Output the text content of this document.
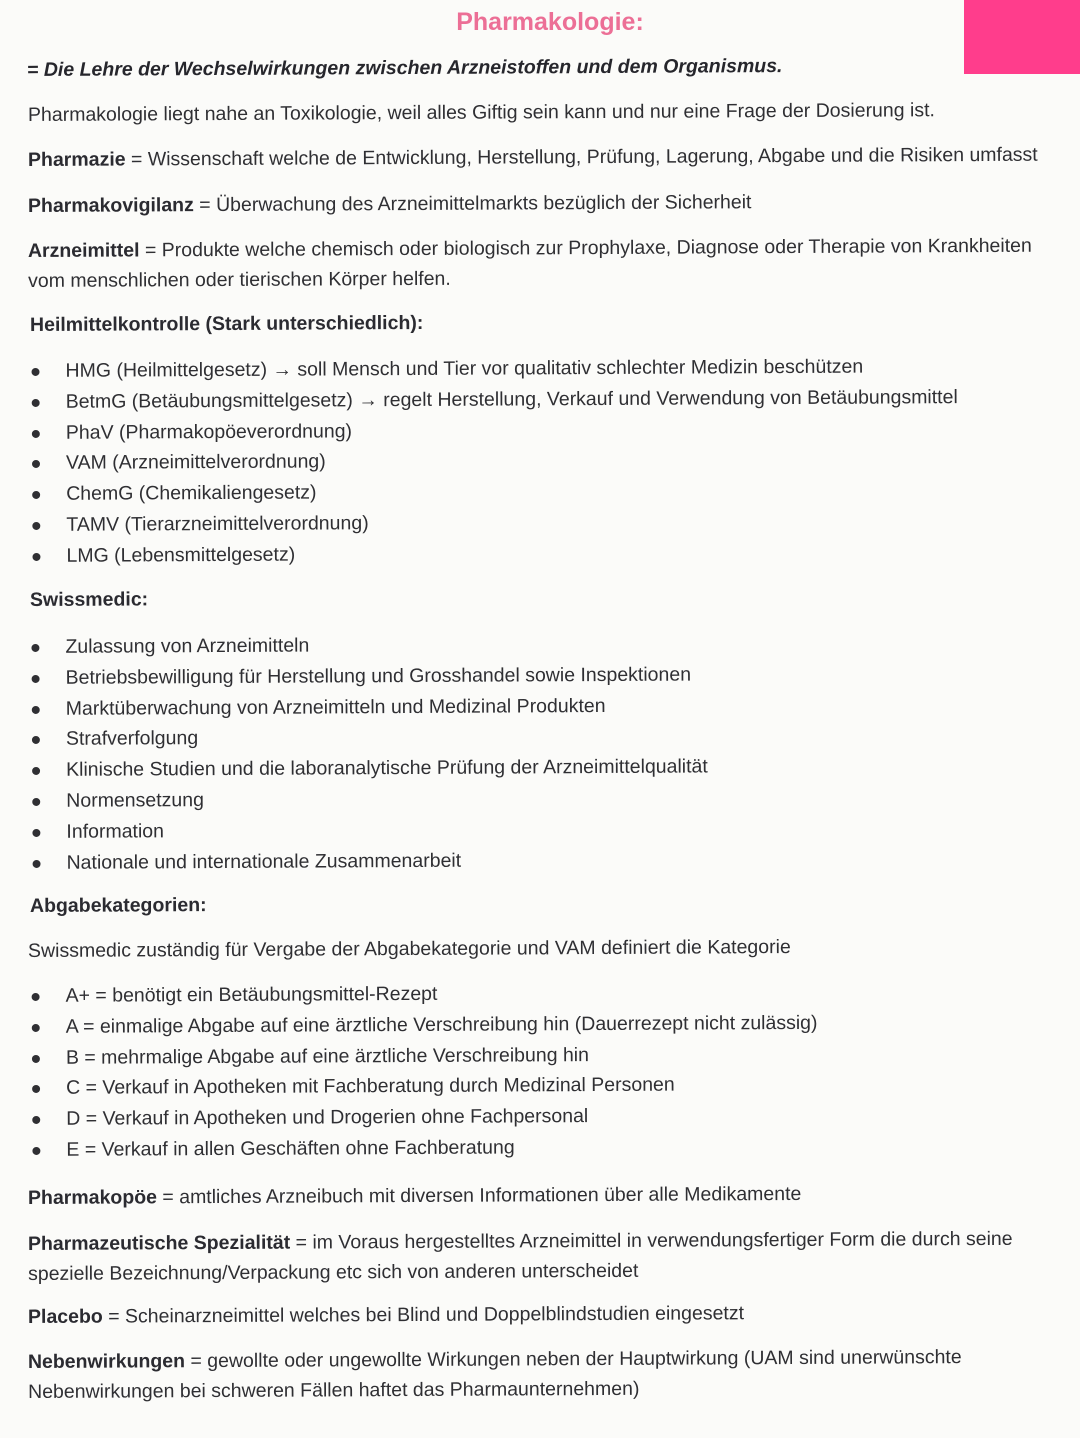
Pharmakologie:
= Die Lehre der Wechselwirkungen zwischen Arzneistoffen und dem Organismus.
Pharmakologie liegt nahe an Toxikologie, weil alles Giftig sein kann und nur eine Frage der Dosierung ist.
Pharmazie = Wissenschaft welche de Entwicklung, Herstellung, Prüfung, Lagerung, Abgabe und die Risiken umfasst
Pharmakovigilanz = Überwachung des Arzneimittelmarkts bezüglich der Sicherheit
Arzneimittel = Produkte welche chemisch oder biologisch zur Prophylaxe, Diagnose oder Therapie von Krankheiten vom menschlichen oder tierischen Körper helfen.
Heilmittelkontrolle (Stark unterschiedlich):
HMG (Heilmittelgesetz) → soll Mensch und Tier vor qualitativ schlechter Medizin beschützen
BetmG (Betäubungsmittelgesetz) → regelt Herstellung, Verkauf und Verwendung von Betäubungsmittel
PhaV (Pharmakopöeverordnung)
VAM (Arzneimittelverordnung)
ChemG (Chemikaliengesetz)
TAMV (Tierarzneimittelverordnung)
LMG (Lebensmittelgesetz)
Swissmedic:
Zulassung von Arzneimitteln
Betriebsbewilligung für Herstellung und Grosshandel sowie Inspektionen
Marktüberwachung von Arzneimitteln und Medizinal Produkten
Strafverfolgung
Klinische Studien und die laboranalytische Prüfung der Arzneimittelqualität
Normensetzung
Information
Nationale und internationale Zusammenarbeit
Abgabekategorien:
Swissmedic zuständig für Vergabe der Abgabekategorie und VAM definiert die Kategorie
A+ = benötigt ein Betäubungsmittel-Rezept
A = einmalige Abgabe auf eine ärztliche Verschreibung hin (Dauerrezept nicht zulässig)
B = mehrmalige Abgabe auf eine ärztliche Verschreibung hin
C = Verkauf in Apotheken mit Fachberatung durch Medizinal Personen
D = Verkauf in Apotheken und Drogerien ohne Fachpersonal
E = Verkauf in allen Geschäften ohne Fachberatung
Pharmakopöe = amtliches Arzneibuch mit diversen Informationen über alle Medikamente
Pharmazeutische Spezialität = im Voraus hergestelltes Arzneimittel in verwendungsfertiger Form die durch seine spezielle Bezeichnung/Verpackung etc sich von anderen unterscheidet
Placebo = Scheinarzneimittel welches bei Blind und Doppelblindstudien eingesetzt
Nebenwirkungen = gewollte oder ungewollte Wirkungen neben der Hauptwirkung (UAM sind unerwünschte Nebenwirkungen bei schweren Fällen haftet das Pharmaunternehmen)
